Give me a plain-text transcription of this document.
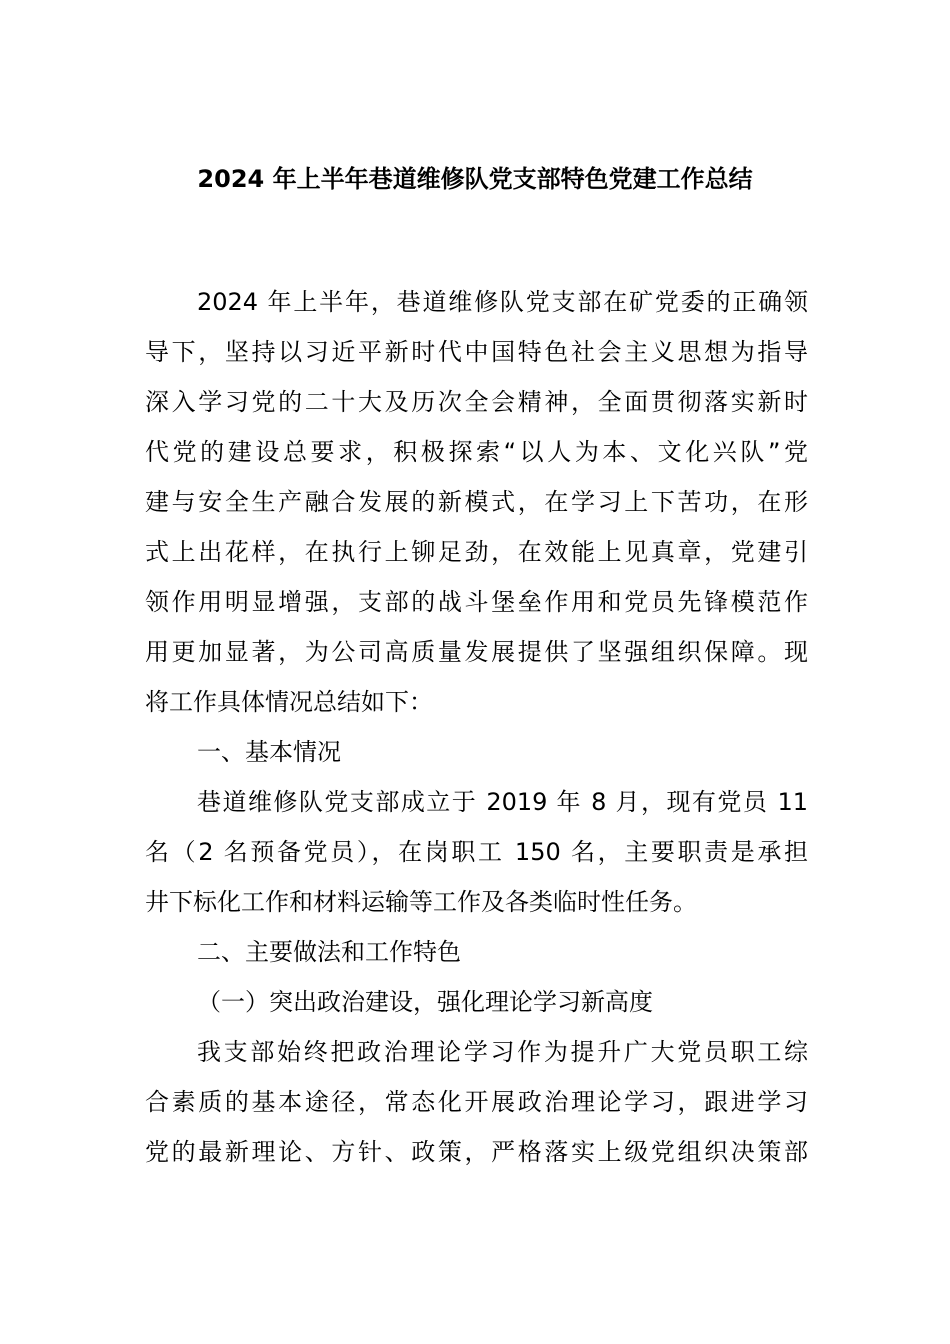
2024 年上半年巷道维修队党支部特色党建工作总结
2024 年上半年，巷道维修队党支部在矿党委的正确领
导下，坚持以习近平新时代中国特色社会主义思想为指导
深入学习党的二十大及历次全会精神，全面贯彻落实新时
代党的建设总要求，积极探索“以人为本、文化兴队”党
建与安全生产融合发展的新模式，在学习上下苦功，在形
式上出花样，在执行上铆足劲，在效能上见真章，党建引
领作用明显增强，支部的战斗堡垒作用和党员先锋模范作
用更加显著，为公司高质量发展提供了坚强组织保障。现
将工作具体情况总结如下：
一、基本情况
巷道维修队党支部成立于 2019 年 8 月，现有党员 11
名（2 名预备党员），在岗职工 150 名，主要职责是承担
井下标化工作和材料运输等工作及各类临时性任务。
二、主要做法和工作特色
（一）突出政治建设，强化理论学习新高度
我支部始终把政治理论学习作为提升广大党员职工综
合素质的基本途径，常态化开展政治理论学习，跟进学习
党的最新理论、方针、政策，严格落实上级党组织决策部
